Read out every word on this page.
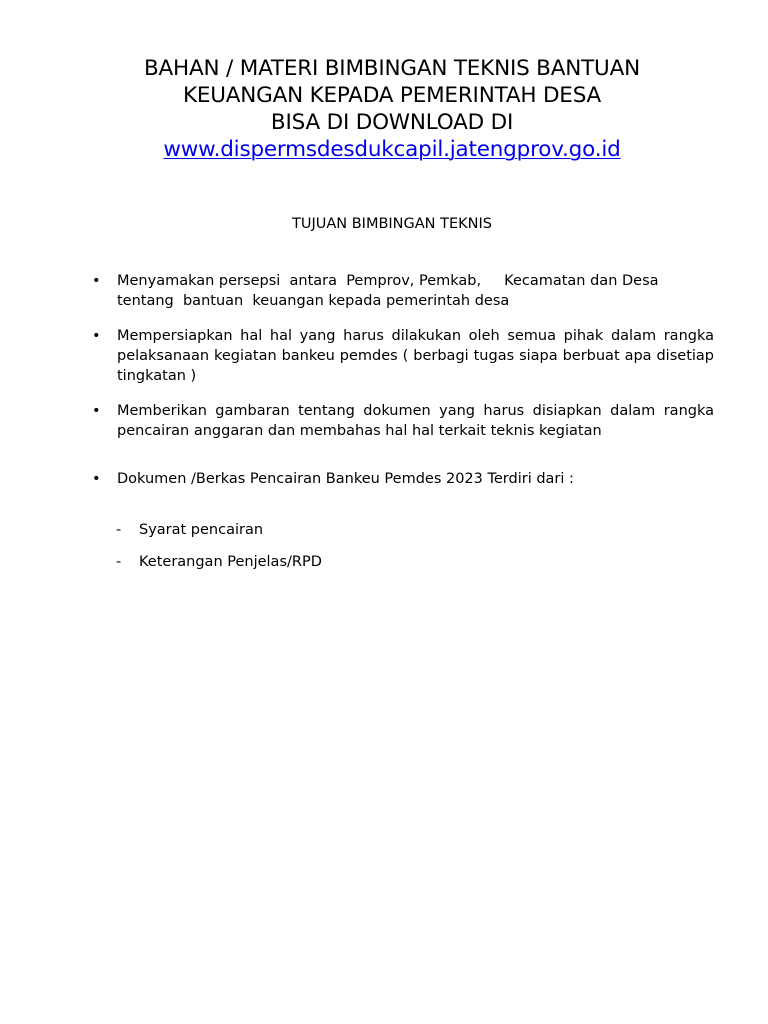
BAHAN / MATERI BIMBINGAN TEKNIS BANTUAN
KEUANGAN KEPADA PEMERINTAH DESA
BISA DI DOWNLOAD DI
www.dispermsdesdukcapil.jatengprov.go.id
TUJUAN BIMBINGAN TEKNIS
• Menyamakan persepsi  antara  Pemprov, Pemkab,     Kecamatan dan Desa
tentang  bantuan  keuangan kepada pemerintah desa
• Mempersiapkan hal hal yang harus dilakukan oleh semua pihak dalam rangka pelaksanaan kegiatan bankeu pemdes ( berbagi tugas siapa berbuat apa disetiap tingkatan )
• Memberikan gambaran tentang dokumen yang harus disiapkan dalam rangka pencairan anggaran dan membahas hal hal terkait teknis kegiatan
• Dokumen /Berkas Pencairan Bankeu Pemdes 2023 Terdiri dari :
- Syarat pencairan
- Keterangan Penjelas/RPD
